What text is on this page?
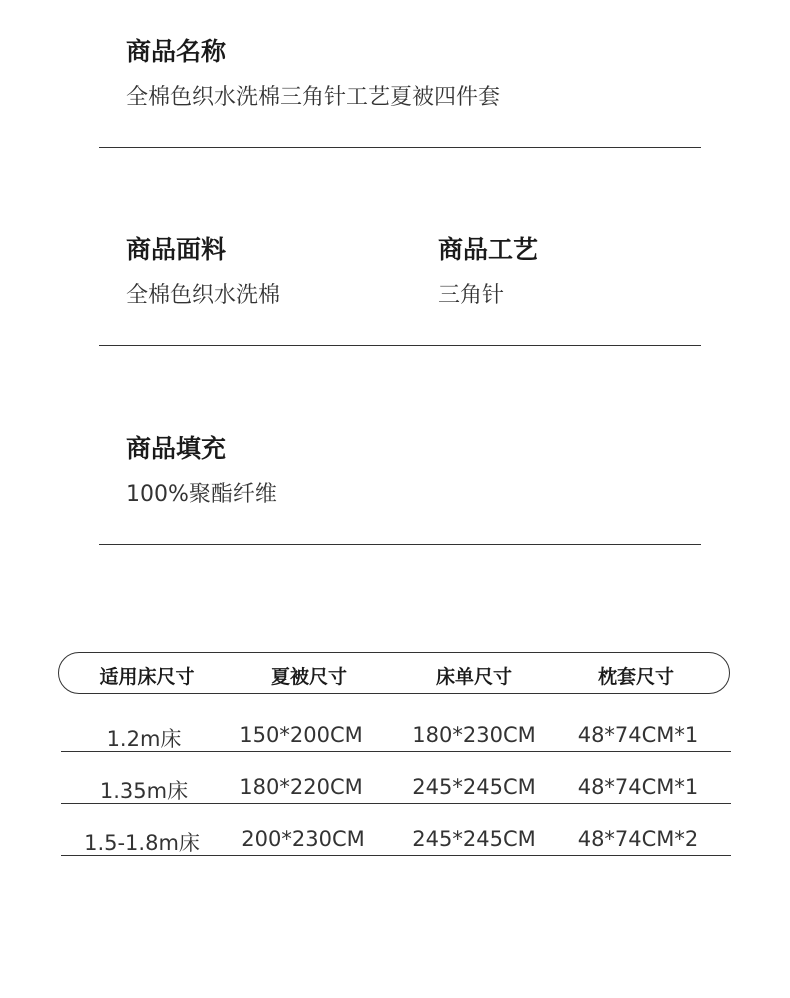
商品名称
全棉色织水洗棉三角针工艺夏被四件套
商品面料
全棉色织水洗棉
商品工艺
三角针
商品填充
100%聚酯纤维
适用床尺寸	夏被尺寸	床单尺寸	枕套尺寸
1.2m床	150*200CM 180*230CM 48*74CM*1
1.35m床 180*220CM 245*245CM 48*74CM*1
1.5-1.8m床 200*230CM 245*245CM 48*74CM*2
